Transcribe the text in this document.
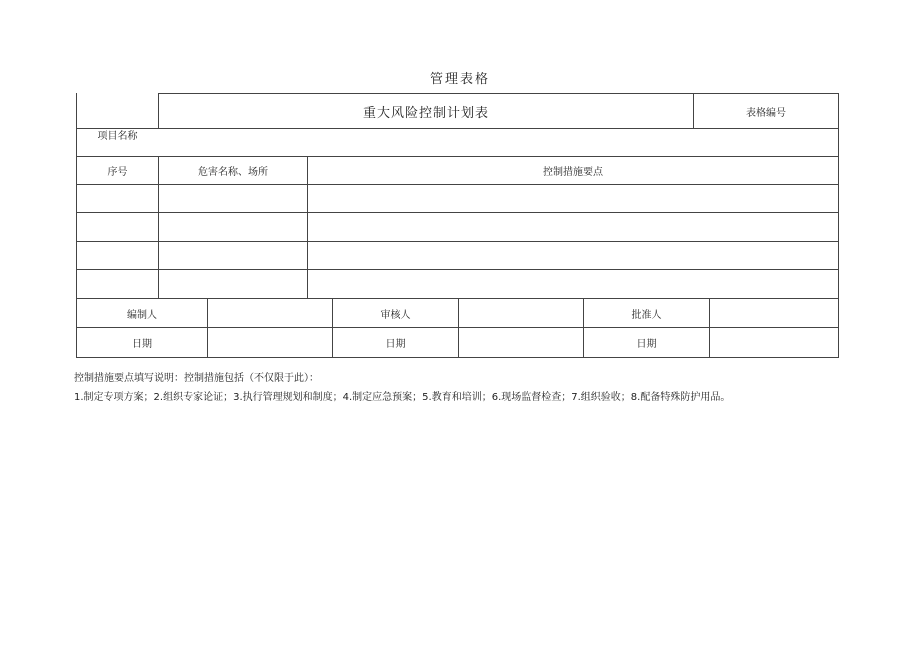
管理表格
重大风险控制计划表	表格编号
项目名称
序号	危害名称、场所	控制措施要点
编制人	审核人	批准人
日期	日期	日期
控制措施要点填写说明：控制措施包括（不仅限于此）：
1.制定专项方案；2.组织专家论证；3.执行管理规划和制度；4.制定应急预案；5.教育和培训；6.现场监督检查；7.组织验收；8.配备特殊防护用品。
